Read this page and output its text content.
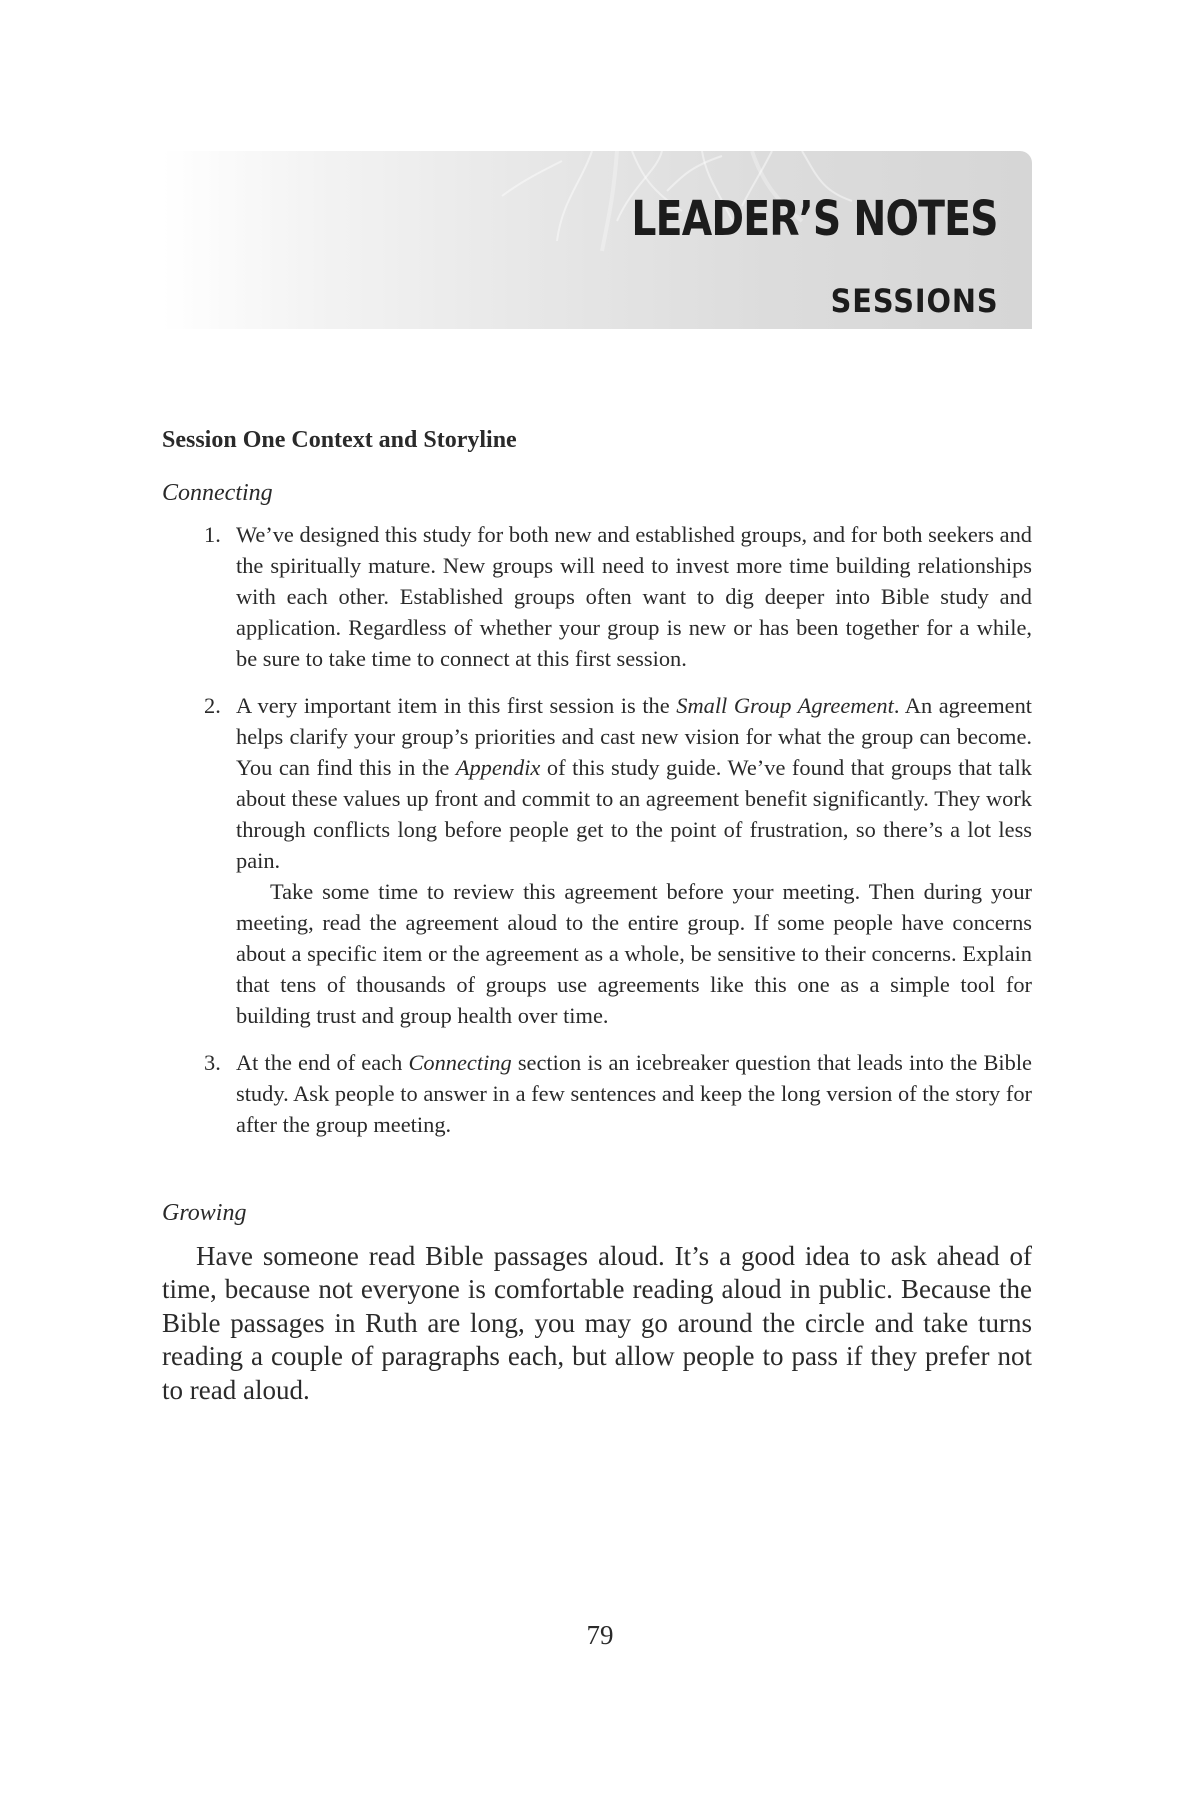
LEADER’S NOTES
SESSIONS
Session One Context and Storyline
Connecting
1. We’ve designed this study for both new and established groups, and for both seekers and the spiritually mature. New groups will need to invest more time building relationships with each other. Established groups often want to dig deeper into Bible study and application. Regardless of whether your group is new or has been together for a while, be sure to take time to connect at this first session.

2. A very important item in this first session is the Small Group Agreement. An agreement helps clarify your group’s priorities and cast new vision for what the group can become. You can find this in the Appendix of this study guide. We’ve found that groups that talk about these values up front and commit to an agreement benefit significantly. They work through conflicts long before people get to the point of frustration, so there’s a lot less pain.

Take some time to review this agreement before your meeting. Then during your meeting, read the agreement aloud to the entire group. If some people have concerns about a specific item or the agreement as a whole, be sensitive to their concerns. Explain that tens of thousands of groups use agreements like this one as a simple tool for building trust and group health over time.

3. At the end of each Connecting section is an icebreaker question that leads into the Bible study. Ask people to answer in a few sentences and keep the long version of the story for after the group meeting.

Growing

Have someone read Bible passages aloud. It’s a good idea to ask ahead of time, because not everyone is comfortable reading aloud in public. Because the Bible passages in Ruth are long, you may go around the circle and take turns reading a couple of paragraphs each, but allow people to pass if they prefer not to read aloud.

79
